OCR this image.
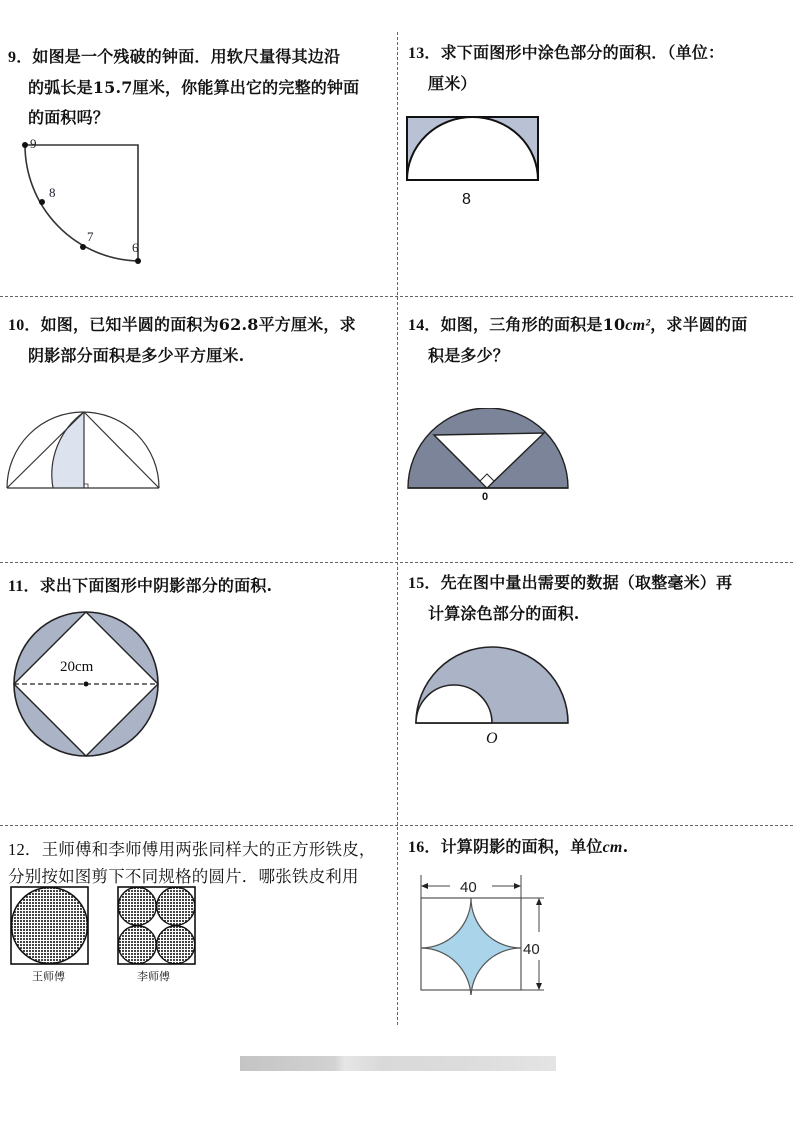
9．如图是一个残破的钟面．用软尺量得其边沿
的弧长是15.7厘米，你能算出它的完整的钟面
的面积吗？
9
8
7
6
13．求下面图形中涂色部分的面积．（单位：
厘米）
8
10．如图，已知半圆的面积为62.8平方厘米，求
阴影部分面积是多少平方厘米.
14．如图，三角形的面积是10cm²，求半圆的面
积是多少？
0
11．求出下面图形中阴影部分的面积.
20cm
15．先在图中量出需要的数据（取整毫米）再
计算涂色部分的面积.
O
12．王师傅和李师傅用两张同样大的正方形铁皮，
分别按如图剪下不同规格的圆片．哪张铁皮利用
王师傅	李师傅
16．计算阴影的面积，单位cm.
40
40
